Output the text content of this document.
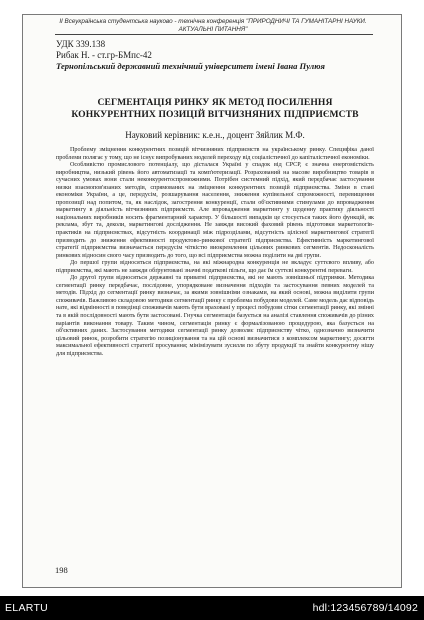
II Всеукраїнська студентська науково - технічна конференція "ПРИРОДНИЧІ ТА ГУМАНІТАРНІ НАУКИ.
АКТУАЛЬНІ ПИТАННЯ"
УДК 339.138
Рибак Н. - ст.гр-БМпс-42
Тернопільський державний технічний університет імені Івана Пулюя
СЕГМЕНТАЦІЯ РИНКУ ЯК МЕТОД ПОСИЛЕННЯ КОНКУРЕНТНИХ ПОЗИЦІЙ ВІТЧИЗНЯНИХ ПІДПРИЄМСТВ
Науковий керівник: к.е.н., доцент Зяйлик М.Ф.

Проблему зміцнення конкурентних позицій вітчизняних підприємств на українському ринку. Специфіка даної проблеми полягає у тому, що не існує випробуваних моделей переходу від соціалістичної до капіталістичної економіки.

Особливістю промислового потенціалу, що дісталася Україні у спадок від СРСР, є значна енергомісткість виробництва, низький рівень його автоматизації та комп'ютеризації. Розрахований на масове виробництво товарів в сучасних умовах вони стали неконкурентоспроможними. Потрібен системний підхід, який передбачає застосування низки взаємопов'язаних методів, спрямованих на зміцнення конкурентних позицій підприємства. Зміни в стані економіки України, а це, передусім, розшарування населення, зниження купівельної спроможності, перевищення пропозиції над попитом, та, як наслідок, загострення конкуренції, стали об'єктивними стимулами до впровадження маркетингу в діяльність вітчизняних підприємств. Але впровадження маркетингу у щоденну практику діяльності національних виробників носить фрагментарний характер. У більшості випадків це стосується таких його функцій, як реклама, збут та, деколи, маркетингові дослідження. Не завжди високий фаховий рівень підготовки маркетологів-практиків на підприємствах, відсутність координації між підрозділами, відсутність цілісної маркетингової стратегії призводить до зниження ефективності продуктово-ринкової стратегії підприємства. Ефективність маркетингової стратегії підприємства визначається передусім чіткістю виокремлення цільових ринкових сегментів. Недосконалість ринкових відносин свого часу призводить до того, що всі підприємства можна поділити на дві групи.

До першої групи відносяться підприємства, на які міжнародна конкуренція не вкладує суттєвого впливу, або підприємства, які мають не завжди обґрунтовані значні податкові пільги, що дає їм суттєві конкурентні переваги.

До другої групи відносяться державні та приватні підприємства, які не мають зовнішньої підтримки. Методика сегментації ринку передбачає, послідовне, упорядковане визначення підходів та застосування певних моделей та методів. Підхід до сегментації ринку визначає, за якими зовнішніми ознаками, на який основі, можна виділити групи споживачів. Важливою складовою методики сегментації ринку є проблема побудови моделей. Саме модель дає відповідь нате, які відмінності в поведінці споживачів мають бути враховані у процесі побудови сітки сегментації ринку, які змінні та в якій послідовності мають бути застосовані. Гнучка сегментація базується на аналізі ставлення споживачів до різних варіантів виконання товару. Таким чином, сегментація ринку є формалізованою процедурою, яка базується на об'єктивних даних. Застосування методики сегментації ринку дозволяє підприємству чітко, однозначно визначити цільовий ринок, розробити стратегію позиціонування та на цій основі визначитися з комплексом маркетингу; досягти максимальної ефективності стратегії просування; мінімізувати зусилля по збуту продукції та знайти конкурентну нішу для підприємства.

198
ELARTU	hdl:123456789/14092
